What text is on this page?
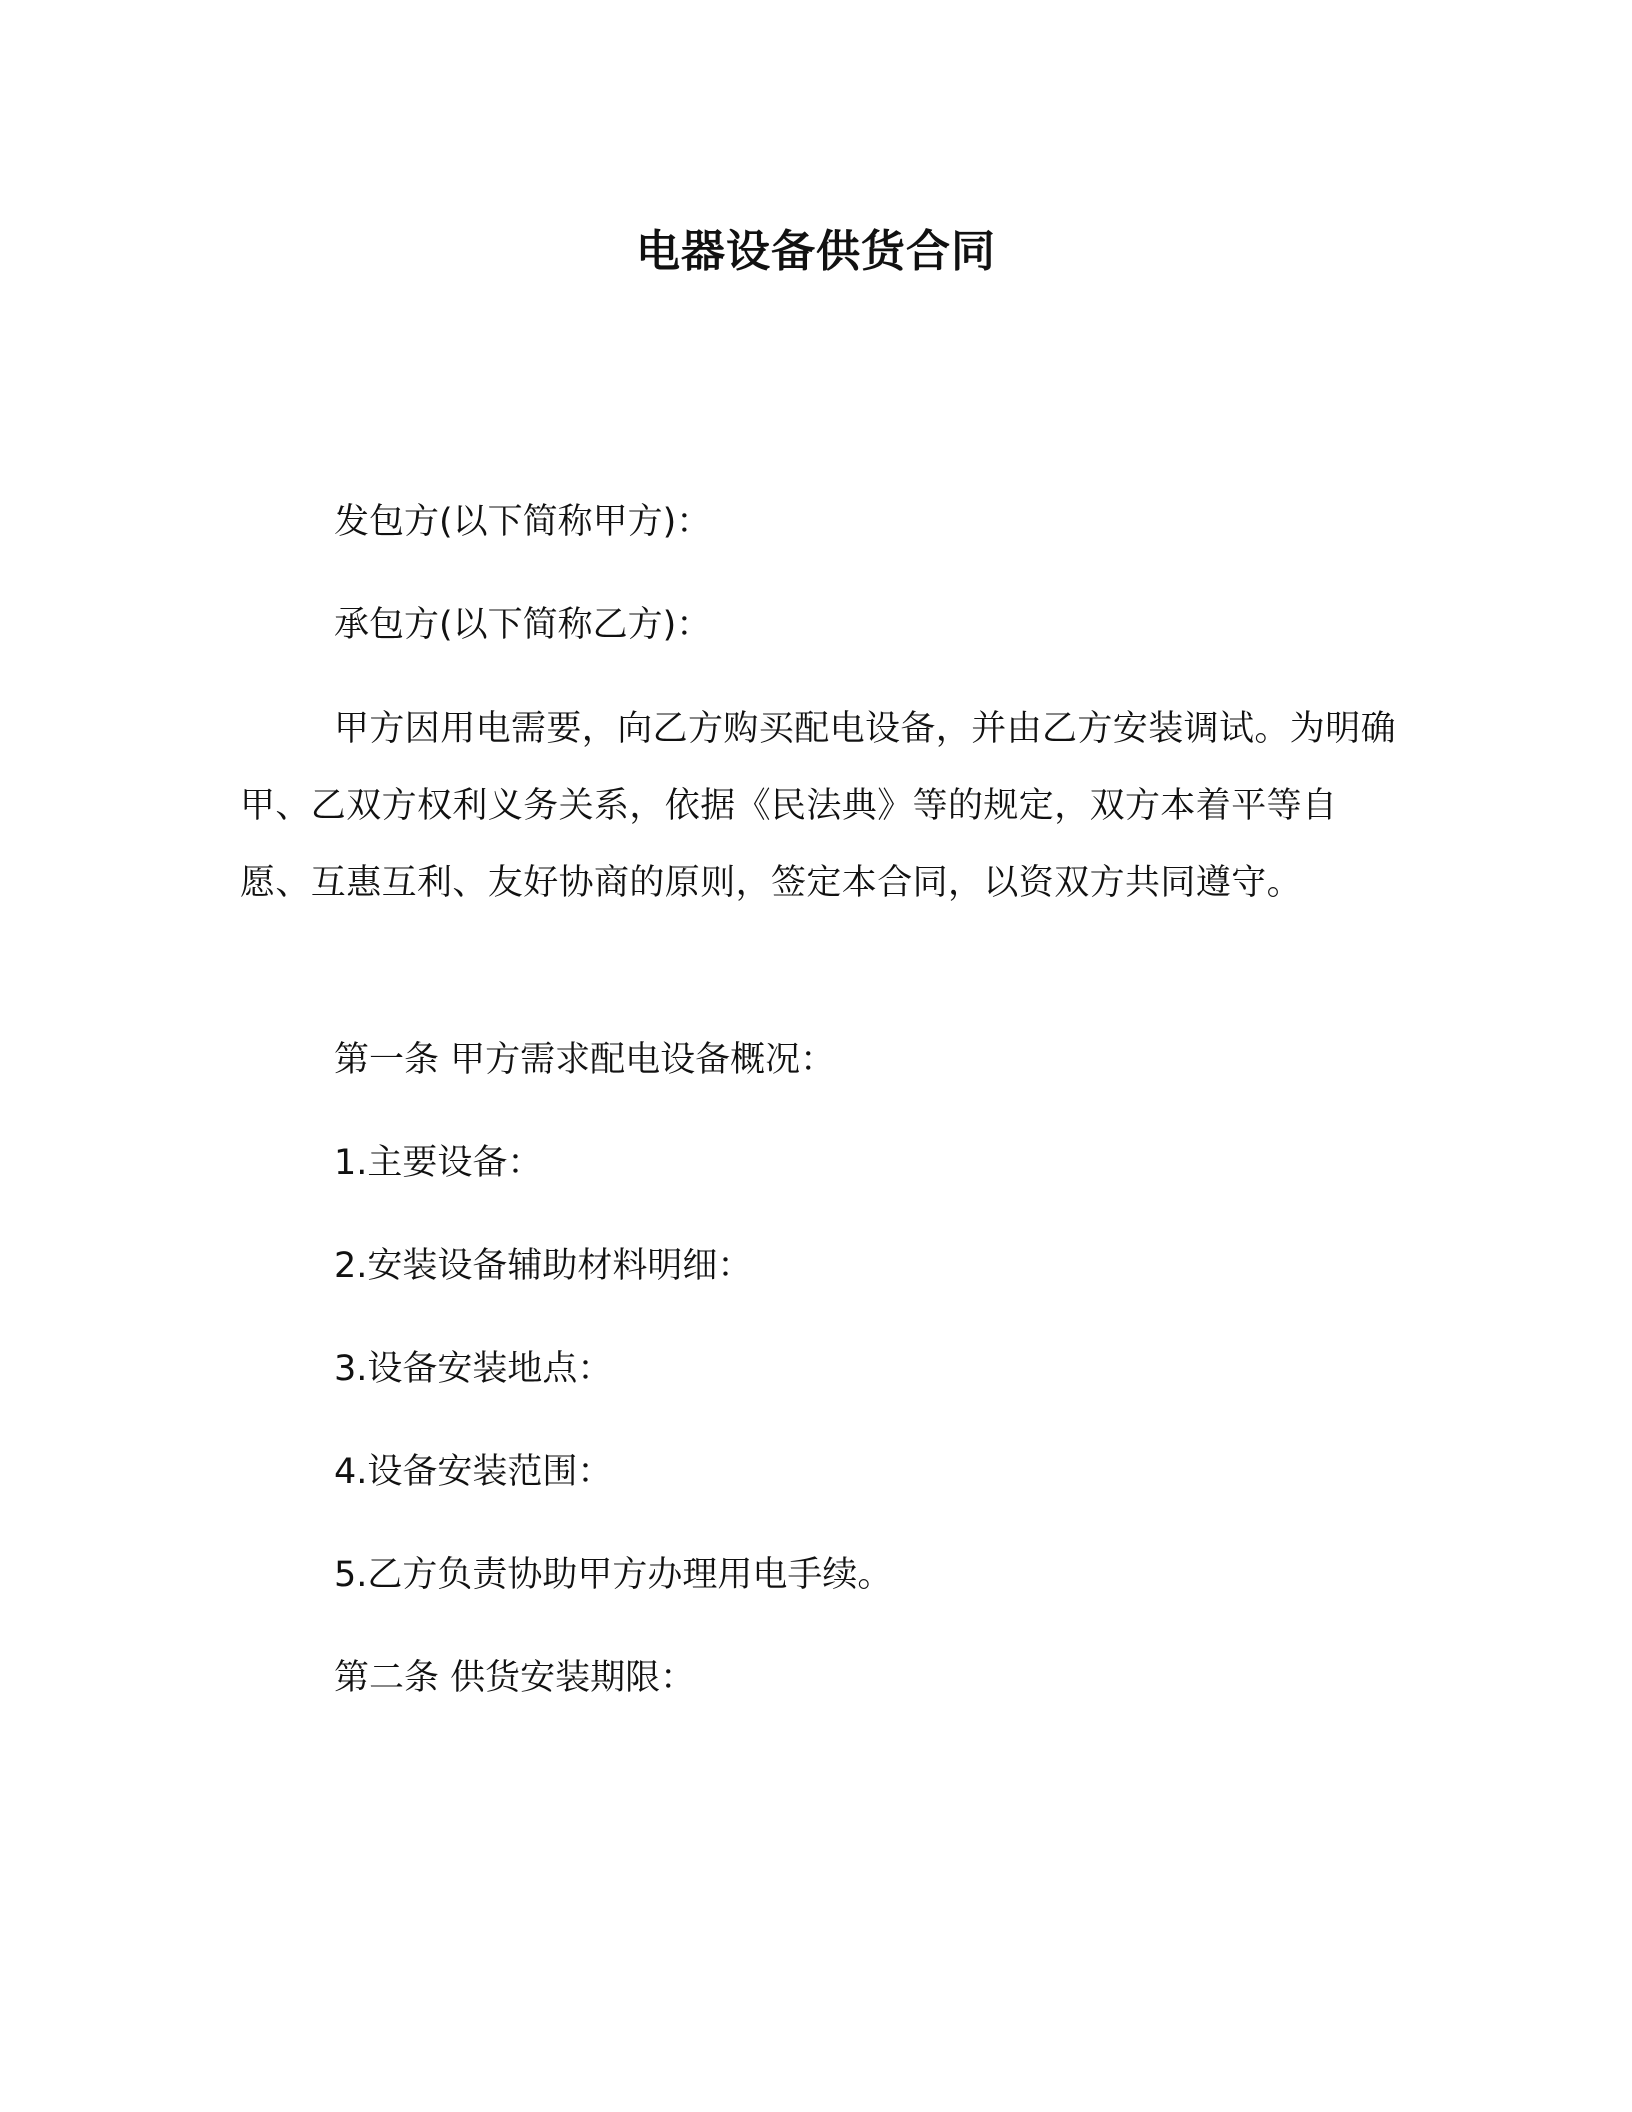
电器设备供货合同

发包方(以下简称甲方)：

承包方(以下简称乙方)：

甲方因用电需要，向乙方购买配电设备，并由乙方安装调试。为明确甲、乙双方权利义务关系，依据《民法典》等的规定，双方本着平等自愿、互惠互利、友好协商的原则，签定本合同，以资双方共同遵守。

第一条 甲方需求配电设备概况：

1.主要设备：

2.安装设备辅助材料明细：

3.设备安装地点：

4.设备安装范围：

5.乙方负责协助甲方办理用电手续。

第二条 供货安装期限：
